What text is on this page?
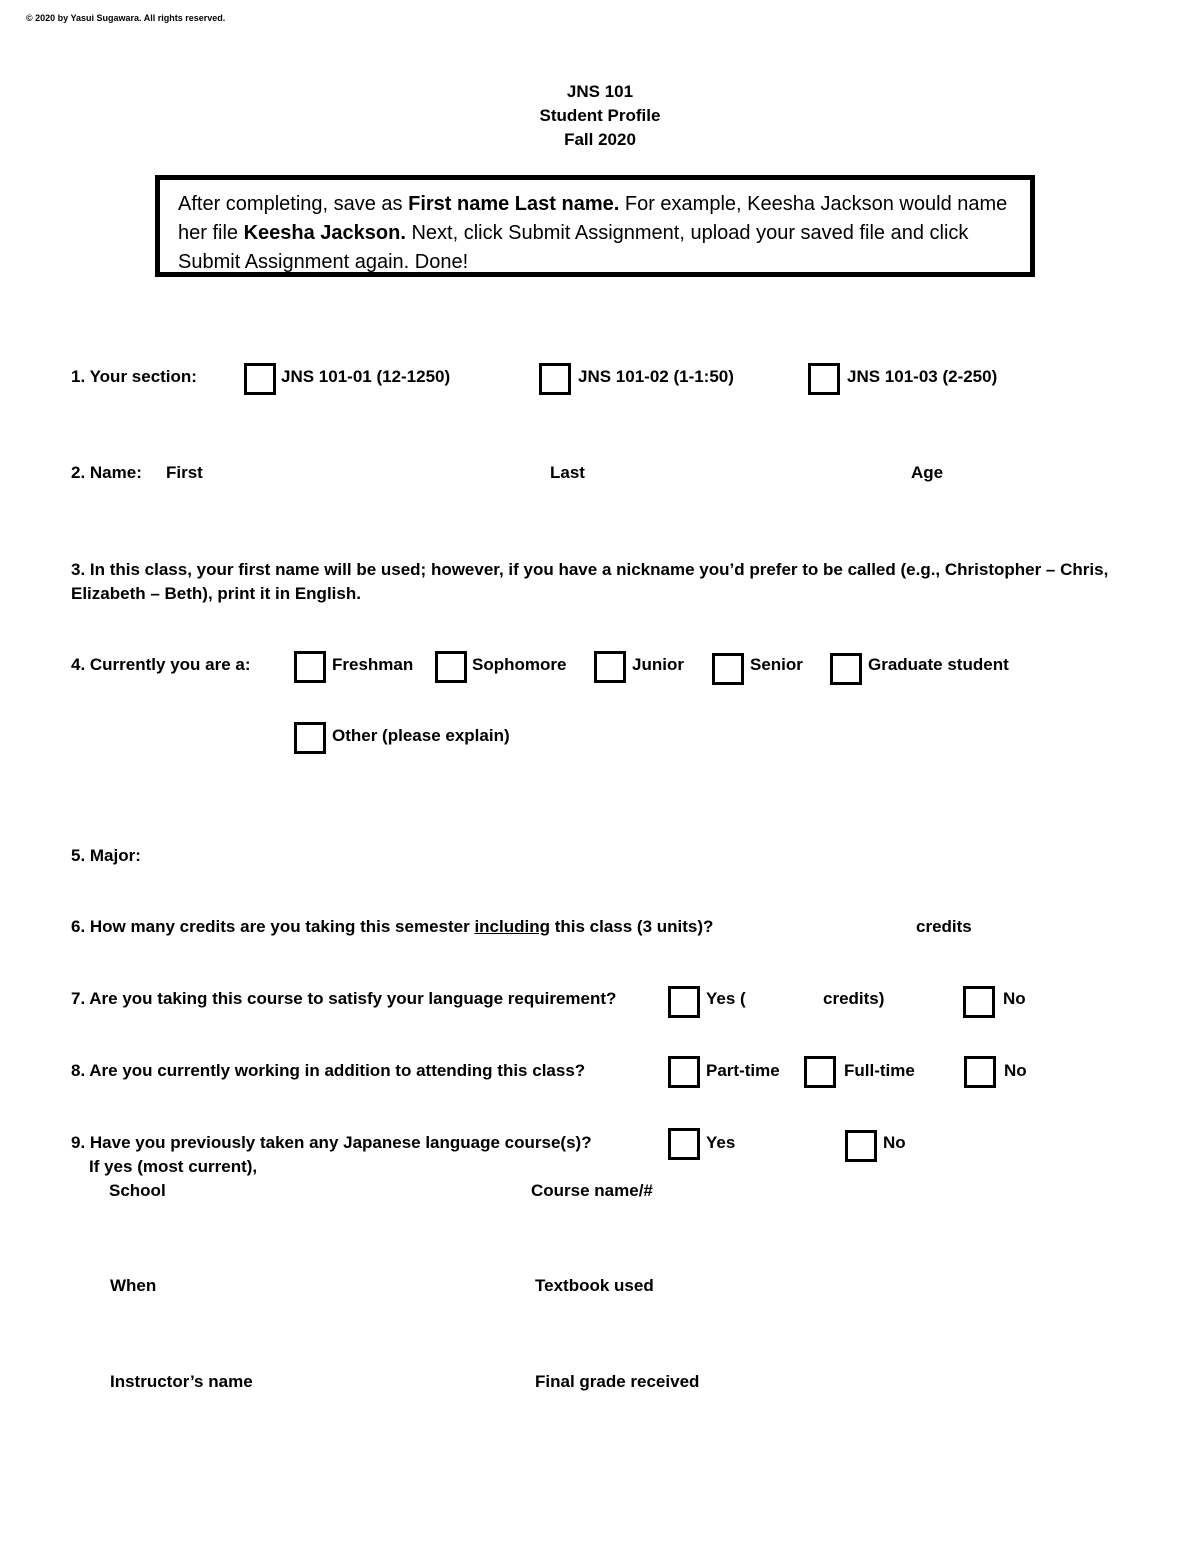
© 2020 by Yasui Sugawara. All rights reserved.
JNS 101
Student Profile
Fall 2020
After completing, save as First name Last name. For example, Keesha Jackson would name her file Keesha Jackson. Next, click Submit Assignment, upload your saved file and click Submit Assignment again. Done!
1. Your section:	JNS 101-01 (12-1250)	JNS 101-02 (1-1:50)	JNS 101-03 (2-250)
2. Name: First	Last	Age
3. In this class, your first name will be used; however, if you have a nickname you’d prefer to be called (e.g., Christopher – Chris, Elizabeth – Beth), print it in English.
4. Currently you are a:	Freshman	Sophomore	Junior	Senior	Graduate student
Other (please explain)
5. Major:
6. How many credits are you taking this semester including this class (3 units)?	credits
7. Are you taking this course to satisfy your language requirement?	Yes (	credits)	No
8. Are you currently working in addition to attending this class?	Part-time	Full-time	No
9. Have you previously taken any Japanese language course(s)?	Yes	No
If yes (most current),
School	Course name/#
When	Textbook used
Instructor’s name	Final grade received
